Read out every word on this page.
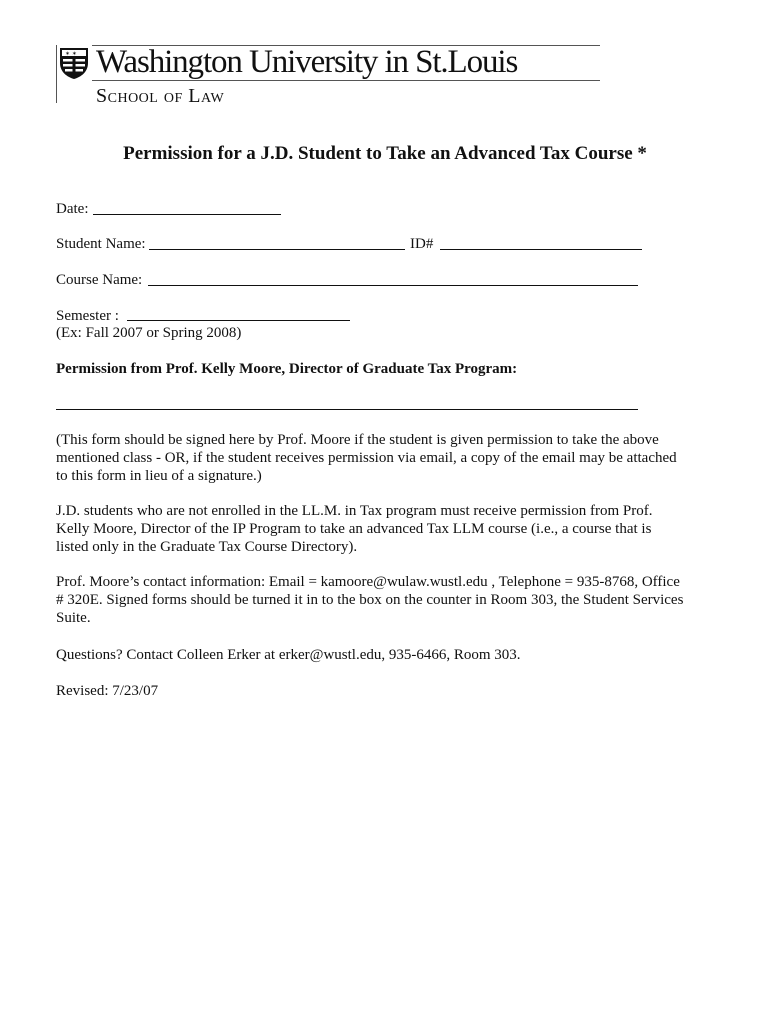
✶ ✶ Washington University in St.Louis
School of Law
Permission for a J.D. Student to Take an Advanced Tax Course *
Date:
Student Name:	ID#
Course Name:
Semester :
(Ex: Fall 2007 or Spring 2008)
Permission from Prof. Kelly Moore, Director of Graduate Tax Program:
(This form should be signed here by Prof. Moore if the student is given permission to take the above
mentioned class - OR, if the student receives permission via email, a copy of the email may be attached
to this form in lieu of a signature.)
J.D. students who are not enrolled in the LL.M. in Tax program must receive permission from Prof.
Kelly Moore, Director of the IP Program to take an advanced Tax LLM course (i.e., a course that is
listed only in the Graduate Tax Course Directory).
Prof. Moore’s contact information: Email = kamoore@wulaw.wustl.edu , Telephone = 935-8768, Office
# 320E. Signed forms should be turned it in to the box on the counter in Room 303, the Student Services
Suite.
Questions? Contact Colleen Erker at erker@wustl.edu, 935-6466, Room 303.
Revised: 7/23/07
